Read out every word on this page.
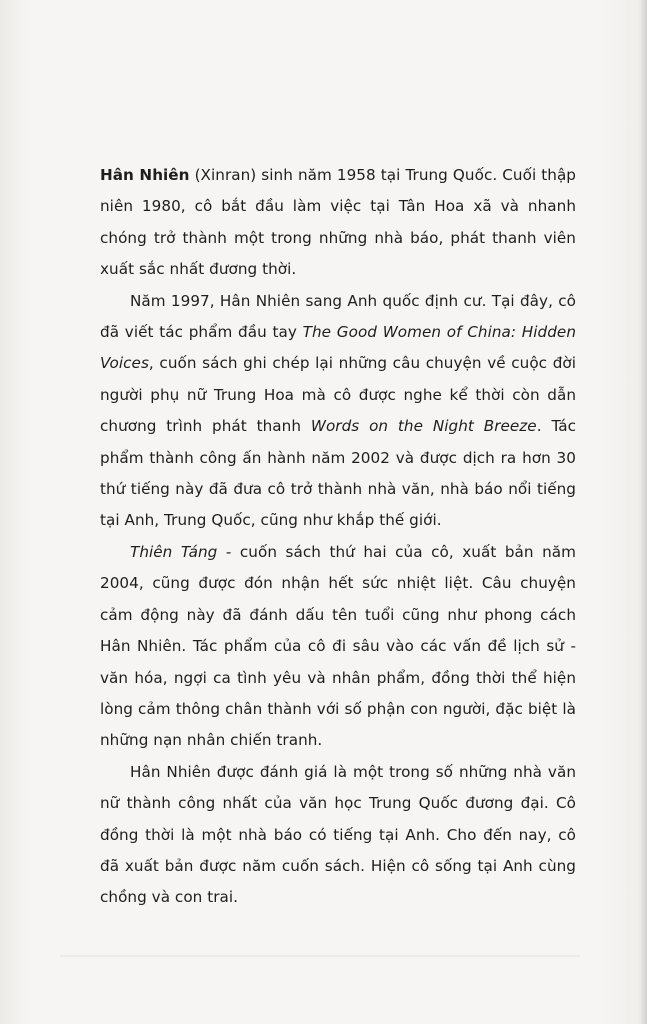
Hân Nhiên (Xinran) sinh năm 1958 tại Trung Quốc. Cuối thập niên 1980, cô bắt đầu làm việc tại Tân Hoa xã và nhanh chóng trở thành một trong những nhà báo, phát thanh viên xuất sắc nhất đương thời.

Năm 1997, Hân Nhiên sang Anh quốc định cư. Tại đây, cô đã viết tác phẩm đầu tay The Good Women of China: Hidden Voices, cuốn sách ghi chép lại những câu chuyện về cuộc đời người phụ nữ Trung Hoa mà cô được nghe kể thời còn dẫn chương trình phát thanh Words on the Night Breeze. Tác phẩm thành công ấn hành năm 2002 và được dịch ra hơn 30 thứ tiếng này đã đưa cô trở thành nhà văn, nhà báo nổi tiếng tại Anh, Trung Quốc, cũng như khắp thế giới.

Thiên Táng - cuốn sách thứ hai của cô, xuất bản năm 2004, cũng được đón nhận hết sức nhiệt liệt. Câu chuyện cảm động này đã đánh dấu tên tuổi cũng như phong cách Hân Nhiên. Tác phẩm của cô đi sâu vào các vấn đề lịch sử - văn hóa, ngợi ca tình yêu và nhân phẩm, đồng thời thể hiện lòng cảm thông chân thành với số phận con người, đặc biệt là những nạn nhân chiến tranh.

Hân Nhiên được đánh giá là một trong số những nhà văn nữ thành công nhất của văn học Trung Quốc đương đại. Cô đồng thời là một nhà báo có tiếng tại Anh. Cho đến nay, cô đã xuất bản được năm cuốn sách. Hiện cô sống tại Anh cùng chồng và con trai.
